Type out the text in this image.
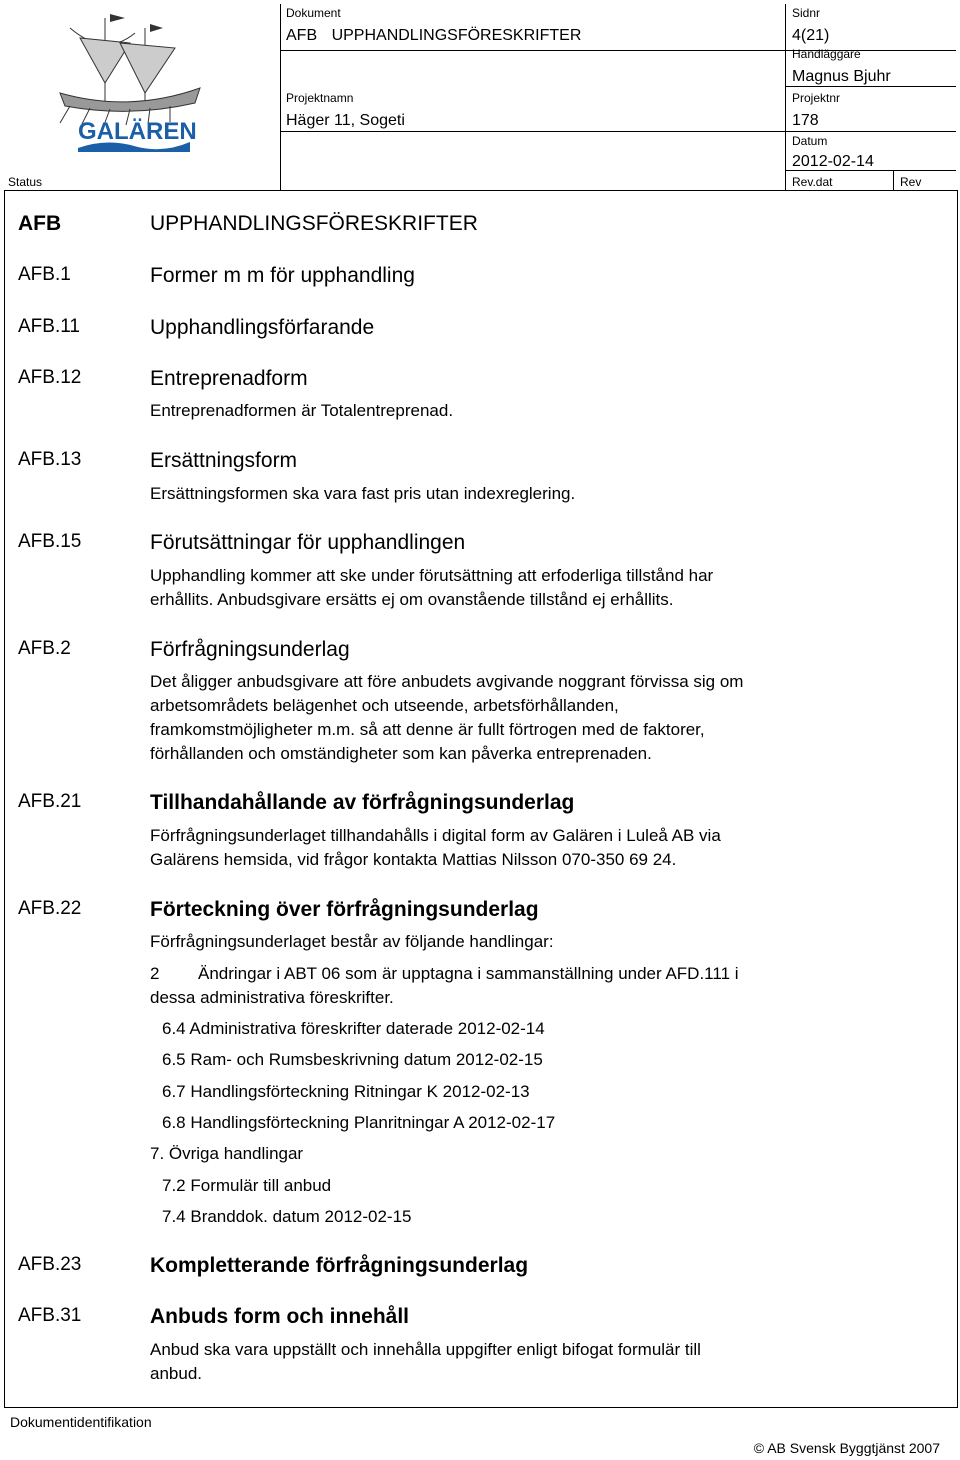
GALÄREN
Dokument
AFB UPPHANDLINGSFÖRESKRIFTER
Sidnr
4(21)
Handläggare
Magnus Bjuhr
Projektnamn
Häger 11, Sogeti
Projektnr
178
Datum
2012-02-14
Status	Rev.dat	Rev
AFB	UPPHANDLINGSFÖRESKRIFTER
AFB.1	Former m m för upphandling
AFB.11	Upphandlingsförfarande
AFB.12	Entreprenadform
Entreprenadformen är Totalentreprenad.
AFB.13	Ersättningsform
Ersättningsformen ska vara fast pris utan indexreglering.
AFB.15	Förutsättningar för upphandlingen
Upphandling kommer att ske under förutsättning att erfoderliga tillstånd har
erhållits. Anbudsgivare ersätts ej om ovanstående tillstånd ej erhållits.
AFB.2	Förfrågningsunderlag
Det åligger anbudsgivare att före anbudets avgivande noggrant förvissa sig om
arbetsområdets belägenhet och utseende, arbetsförhållanden,
framkomstmöjligheter m.m. så att denne är fullt förtrogen med de faktorer,
förhållanden och omständigheter som kan påverka entreprenaden.
AFB.21	Tillhandahållande av förfrågningsunderlag
Förfrågningsunderlaget tillhandahålls i digital form av Galären i Luleå AB via
Galärens hemsida, vid frågor kontakta Mattias Nilsson 070-350 69 24.
AFB.22	Förteckning över förfrågningsunderlag
Förfrågningsunderlaget består av följande handlingar:
2 Ändringar i ABT 06 som är upptagna i sammanställning under AFD.111 i
dessa administrativa föreskrifter.
6.4 Administrativa föreskrifter daterade 2012-02-14
6.5 Ram- och Rumsbeskrivning datum 2012-02-15
6.7 Handlingsförteckning Ritningar K 2012-02-13
6.8 Handlingsförteckning Planritningar A 2012-02-17
7. Övriga handlingar
7.2 Formulär till anbud
7.4 Branddok. datum 2012-02-15
AFB.23	Kompletterande förfrågningsunderlag
AFB.31	Anbuds form och innehåll
Anbud ska vara uppställt och innehålla uppgifter enligt bifogat formulär till
anbud.
Dokumentidentifikation
© AB Svensk Byggtjänst 2007
